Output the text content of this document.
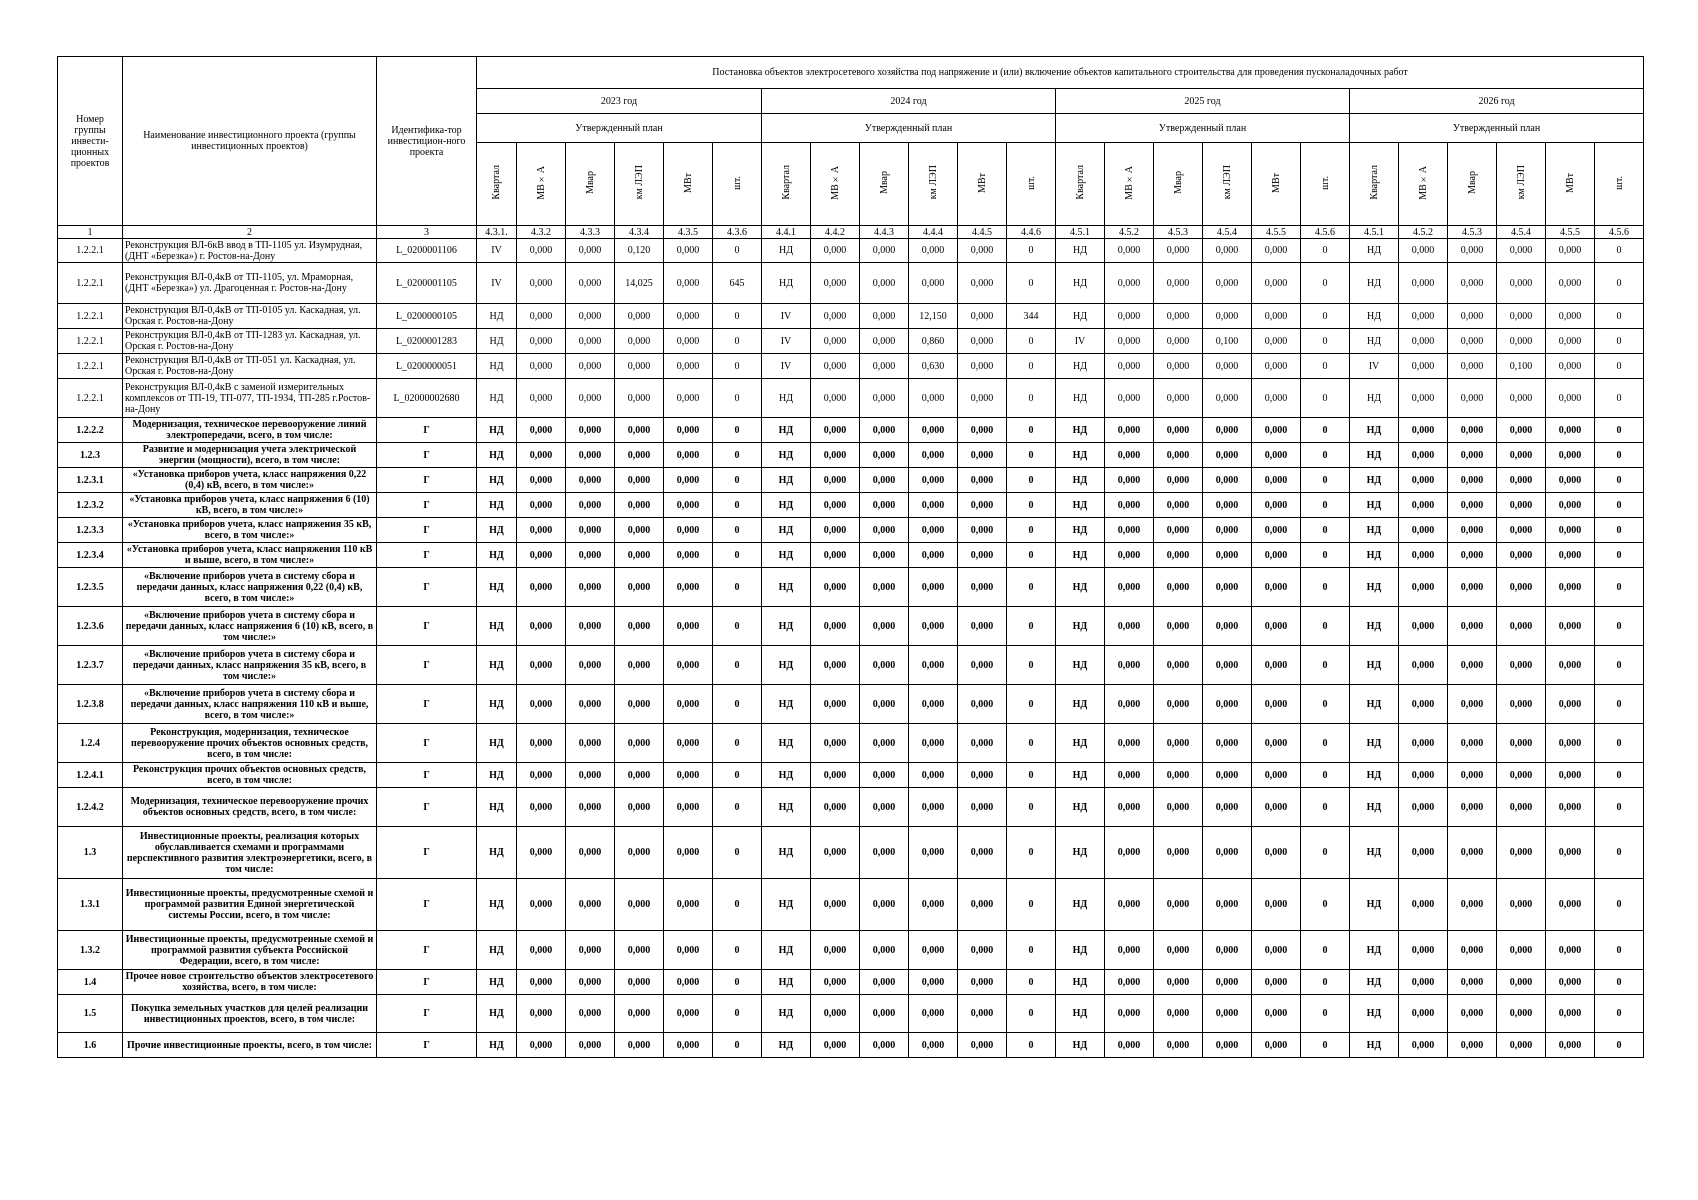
Номер группы инвести-ционных проектов	Наименование инвестиционного проекта (группы инвестиционных проектов)	Идентифика-тор инвестицион-ного проекта	Постановка объектов электросетевого хозяйства под напряжение и (или) включение объектов капитального строительства для проведения пусконаладочных работ																							
			2023 год						2024 год						2025 год						2026 год					
			Утвержденный план						Утвержденный план						Утвержденный план						Утвержденный план					
			Квартал	МВ×А	Мвар	км ЛЭП	МВт	шт.	Квартал	МВ×А	Мвар	км ЛЭП	МВт	шт.	Квартал	МВ×А	Мвар	км ЛЭП	МВт	шт.	Квартал	МВ×А	Мвар	км ЛЭП	МВт	шт.
1	2	3	4.3.1.	4.3.2	4.3.3	4.3.4	4.3.5	4.3.6	4.4.1	4.4.2	4.4.3	4.4.4	4.4.5	4.4.6	4.5.1	4.5.2	4.5.3	4.5.4	4.5.5	4.5.6	4.5.1	4.5.2	4.5.3	4.5.4	4.5.5	4.5.6
1.2.2.1	Реконструкция ВЛ-6кВ ввод в ТП-1105 ул. Изумрудная, (ДНТ «Березка») г. Ростов-на-Дону	L_0200001106	IV	0,000	0,000	0,120	0,000	0	НД	0,000	0,000	0,000	0,000	0	НД	0,000	0,000	0,000	0,000	0	НД	0,000	0,000	0,000	0,000	0
1.2.2.1	Реконструкция ВЛ-0,4кВ от ТП-1105, ул. Мраморная, (ДНТ «Березка») ул. Драгоценная г. Ростов-на-Дону	L_0200001105	IV	0,000	0,000	14,025	0,000	645	НД	0,000	0,000	0,000	0,000	0	НД	0,000	0,000	0,000	0,000	0	НД	0,000	0,000	0,000	0,000	0
1.2.2.1	Реконструкция ВЛ-0,4кВ от ТП-0105 ул. Каскадная, ул. Орская г. Ростов-на-Дону	L_0200000105	НД	0,000	0,000	0,000	0,000	0	IV	0,000	0,000	12,150	0,000	344	НД	0,000	0,000	0,000	0,000	0	НД	0,000	0,000	0,000	0,000	0
1.2.2.1	Реконструкция ВЛ-0,4кВ от ТП-1283 ул. Каскадная, ул. Орская г. Ростов-на-Дону	L_0200001283	НД	0,000	0,000	0,000	0,000	0	IV	0,000	0,000	0,860	0,000	0	IV	0,000	0,000	0,100	0,000	0	НД	0,000	0,000	0,000	0,000	0
1.2.2.1	Реконструкция ВЛ-0,4кВ от ТП-051 ул. Каскадная, ул. Орская г. Ростов-на-Дону	L_0200000051	НД	0,000	0,000	0,000	0,000	0	IV	0,000	0,000	0,630	0,000	0	НД	0,000	0,000	0,000	0,000	0	IV	0,000	0,000	0,100	0,000	0
1.2.2.1	Реконструкция ВЛ-0,4кВ с заменой измерительных комплексов от ТП-19, ТП-077, ТП-1934, ТП-285 г.Ростов-на-Дону	L_02000002680	НД	0,000	0,000	0,000	0,000	0	НД	0,000	0,000	0,000	0,000	0	НД	0,000	0,000	0,000	0,000	0	НД	0,000	0,000	0,000	0,000	0
1.2.2.2	Модернизация, техническое перевооружение линий электропередачи, всего, в том числе:	Г	НД	0,000	0,000	0,000	0,000	0	НД	0,000	0,000	0,000	0,000	0	НД	0,000	0,000	0,000	0,000	0	НД	0,000	0,000	0,000	0,000	0
1.2.3	Развитие и модернизация учета электрической энергии (мощности), всего, в том числе:	Г	НД	0,000	0,000	0,000	0,000	0	НД	0,000	0,000	0,000	0,000	0	НД	0,000	0,000	0,000	0,000	0	НД	0,000	0,000	0,000	0,000	0
1.2.3.1	«Установка приборов учета, класс напряжения 0,22 (0,4) кВ, всего, в том числе:»	Г	НД	0,000	0,000	0,000	0,000	0	НД	0,000	0,000	0,000	0,000	0	НД	0,000	0,000	0,000	0,000	0	НД	0,000	0,000	0,000	0,000	0
1.2.3.2	«Установка приборов учета, класс напряжения 6 (10) кВ, всего, в том числе:»	Г	НД	0,000	0,000	0,000	0,000	0	НД	0,000	0,000	0,000	0,000	0	НД	0,000	0,000	0,000	0,000	0	НД	0,000	0,000	0,000	0,000	0
1.2.3.3	«Установка приборов учета, класс напряжения 35 кВ, всего, в том числе:»	Г	НД	0,000	0,000	0,000	0,000	0	НД	0,000	0,000	0,000	0,000	0	НД	0,000	0,000	0,000	0,000	0	НД	0,000	0,000	0,000	0,000	0
1.2.3.4	«Установка приборов учета, класс напряжения 110 кВ и выше, всего, в том числе:»	Г	НД	0,000	0,000	0,000	0,000	0	НД	0,000	0,000	0,000	0,000	0	НД	0,000	0,000	0,000	0,000	0	НД	0,000	0,000	0,000	0,000	0
1.2.3.5	«Включение приборов учета в систему сбора и передачи данных, класс напряжения 0,22 (0,4) кВ, всего, в том числе:»	Г	НД	0,000	0,000	0,000	0,000	0	НД	0,000	0,000	0,000	0,000	0	НД	0,000	0,000	0,000	0,000	0	НД	0,000	0,000	0,000	0,000	0
1.2.3.6	«Включение приборов учета в систему сбора и передачи данных, класс напряжения 6 (10) кВ, всего, в том числе:»	Г	НД	0,000	0,000	0,000	0,000	0	НД	0,000	0,000	0,000	0,000	0	НД	0,000	0,000	0,000	0,000	0	НД	0,000	0,000	0,000	0,000	0
1.2.3.7	«Включение приборов учета в систему сбора и передачи данных, класс напряжения 35 кВ, всего, в том числе:»	Г	НД	0,000	0,000	0,000	0,000	0	НД	0,000	0,000	0,000	0,000	0	НД	0,000	0,000	0,000	0,000	0	НД	0,000	0,000	0,000	0,000	0
1.2.3.8	«Включение приборов учета в систему сбора и передачи данных, класс напряжения 110 кВ и выше, всего, в том числе:»	Г	НД	0,000	0,000	0,000	0,000	0	НД	0,000	0,000	0,000	0,000	0	НД	0,000	0,000	0,000	0,000	0	НД	0,000	0,000	0,000	0,000	0
1.2.4	Реконструкция, модернизация, техническое перевооружение прочих объектов основных средств, всего, в том числе:	Г	НД	0,000	0,000	0,000	0,000	0	НД	0,000	0,000	0,000	0,000	0	НД	0,000	0,000	0,000	0,000	0	НД	0,000	0,000	0,000	0,000	0
1.2.4.1	Реконструкция прочих объектов основных средств, всего, в том числе:	Г	НД	0,000	0,000	0,000	0,000	0	НД	0,000	0,000	0,000	0,000	0	НД	0,000	0,000	0,000	0,000	0	НД	0,000	0,000	0,000	0,000	0
1.2.4.2	Модернизация, техническое перевооружение прочих объектов основных средств, всего, в том числе:	Г	НД	0,000	0,000	0,000	0,000	0	НД	0,000	0,000	0,000	0,000	0	НД	0,000	0,000	0,000	0,000	0	НД	0,000	0,000	0,000	0,000	0
1.3	Инвестиционные проекты, реализация которых обуславливается схемами и программами перспективного развития электроэнергетики, всего, в том числе:	Г	НД	0,000	0,000	0,000	0,000	0	НД	0,000	0,000	0,000	0,000	0	НД	0,000	0,000	0,000	0,000	0	НД	0,000	0,000	0,000	0,000	0
1.3.1	Инвестиционные проекты, предусмотренные схемой и программой развития Единой энергетической системы России, всего, в том числе:	Г	НД	0,000	0,000	0,000	0,000	0	НД	0,000	0,000	0,000	0,000	0	НД	0,000	0,000	0,000	0,000	0	НД	0,000	0,000	0,000	0,000	0
1.3.2	Инвестиционные проекты, предусмотренные схемой и программой развития субъекта Российской Федерации, всего, в том числе:	Г	НД	0,000	0,000	0,000	0,000	0	НД	0,000	0,000	0,000	0,000	0	НД	0,000	0,000	0,000	0,000	0	НД	0,000	0,000	0,000	0,000	0
1.4	Прочее новое строительство объектов электросетевого хозяйства, всего, в том числе:	Г	НД	0,000	0,000	0,000	0,000	0	НД	0,000	0,000	0,000	0,000	0	НД	0,000	0,000	0,000	0,000	0	НД	0,000	0,000	0,000	0,000	0
1.5	Покупка земельных участков для целей реализации инвестиционных проектов, всего, в том числе:	Г	НД	0,000	0,000	0,000	0,000	0	НД	0,000	0,000	0,000	0,000	0	НД	0,000	0,000	0,000	0,000	0	НД	0,000	0,000	0,000	0,000	0
1.6	Прочие инвестиционные проекты, всего, в том числе:	Г	НД	0,000	0,000	0,000	0,000	0	НД	0,000	0,000	0,000	0,000	0	НД	0,000	0,000	0,000	0,000	0	НД	0,000	0,000	0,000	0,000	0
